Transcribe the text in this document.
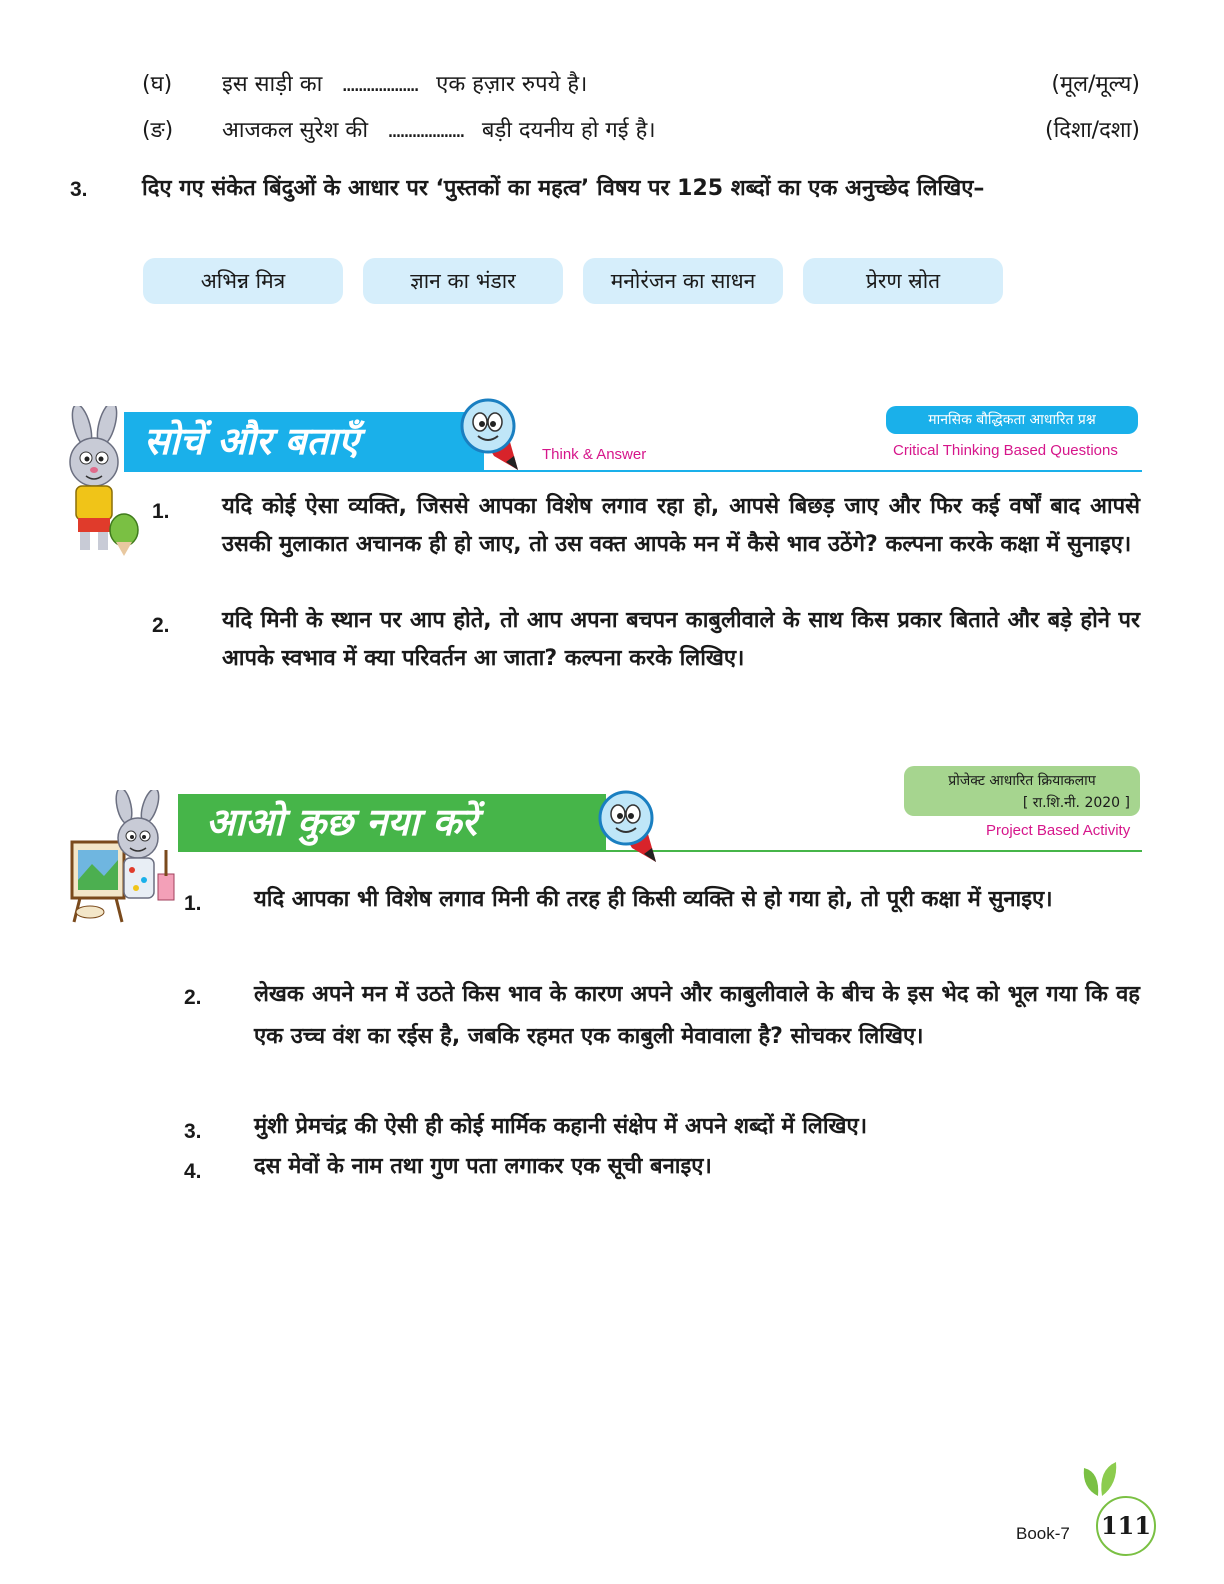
(घ) इस साड़ी का ................... एक हज़ार रुपये है।	(मूल/मूल्य)
(ङ) आजकल सुरेश की ................... बड़ी दयनीय हो गई है।	(दिशा/दशा)
3. दिए गए संकेत बिंदुओं के आधार पर ‘पुस्तकों का महत्व’ विषय पर 125 शब्दों का एक अनुच्छेद लिखिए–
अभिन्न मित्र	ज्ञान का भंडार	मनोरंजन का साधन	प्रेरण स्रोत
सोचें और बताएँ	Think & Answer
मानसिक बौद्धिकता आधारित प्रश्न
Critical Thinking Based Questions
1. यदि कोई ऐसा व्यक्ति, जिससे आपका विशेष लगाव रहा हो, आपसे बिछड़ जाए और फिर कई वर्षों बाद आपसे उसकी मुलाकात अचानक ही हो जाए, तो उस वक्त आपके मन में कैसे भाव उठेंगे? कल्पना करके कक्षा में सुनाइए।
2. यदि मिनी के स्थान पर आप होते, तो आप अपना बचपन काबुलीवाले के साथ किस प्रकार बिताते और बड़े होने पर आपके स्वभाव में क्या परिवर्तन आ जाता? कल्पना करके लिखिए।
आओ कुछ नया करें
प्रोजेक्ट आधारित क्रियाकलाप
[ रा.शि.नी. 2020 ]
Project Based Activity
1. यदि आपका भी विशेष लगाव मिनी की तरह ही किसी व्यक्ति से हो गया हो, तो पूरी कक्षा में सुनाइए।
2. लेखक अपने मन में उठते किस भाव के कारण अपने और काबुलीवाले के बीच के इस भेद को भूल गया कि वह एक उच्च वंश का रईस है, जबकि रहमत एक काबुली मेवावाला है? सोचकर लिखिए।
3. मुंशी प्रेमचंद्र की ऐसी ही कोई मार्मिक कहानी संक्षेप में अपने शब्दों में लिखिए।
4. दस मेवों के नाम तथा गुण पता लगाकर एक सूची बनाइए।
Book-7 111
